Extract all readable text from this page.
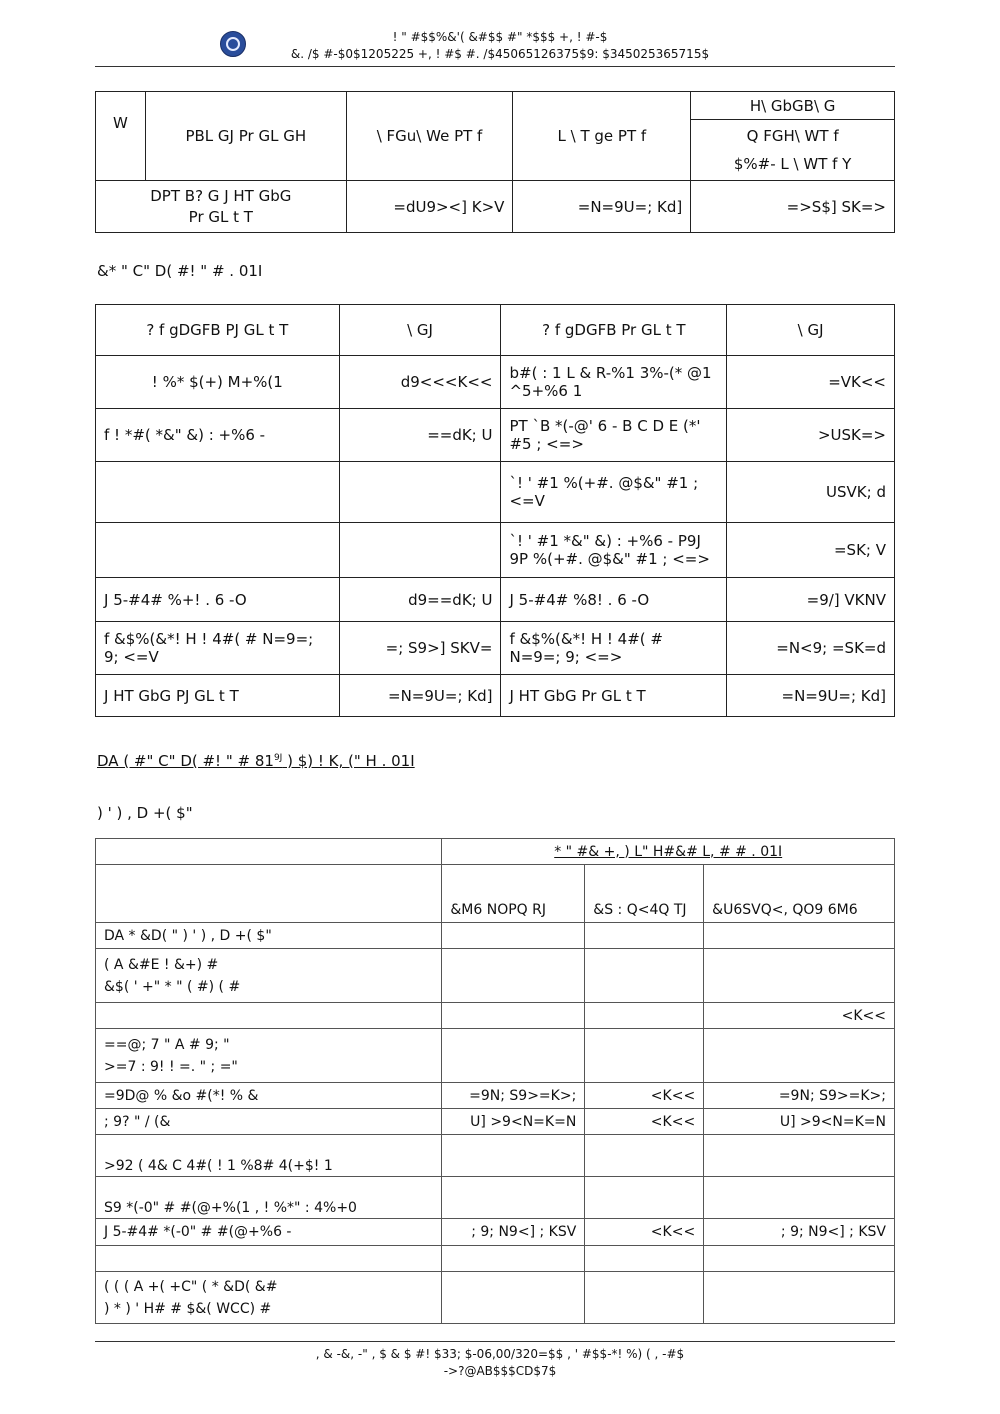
! " #$$%&'( &#$$ #" *$$$ +, ! #-$
&. /$ #-$0$1205225 +, ! #$ #. /$45065126375$9: $345025365715$
W	PBL GJ Pr GL GH	\ FGu\ We PT f	L \ T ge PT f	H\ GbGB\ G

				Q FGH\ WT f
$%#- L \ WT f Y

DPT B? G J HT GbG
Pr GL t T		=dU9><] K>V	=N=9U=; Kd]	=>S$] SK=>
&* " C" D( #! " # . 01I
? f gDGFB PJ GL t T	\ GJ	? f gDGFB Pr GL t T	\ GJ
! %* $(+) M+%(1	d9<<<K<<	b#( : 1 L & R-%1 3%-(* @1 ^5+%6 1	=VK<<
f ! *#( *&" &) : +%6 -	==dK; U	PT `B *(-@' 6 - B C D E (*' #5 ; <=>	>USK=>
		`! ' #1 %(+#. @$&" #1 ; <=V	USVK; d
		`! ' #1 *&" &) : +%6 - P9J 9P %(+#. @$&" #1 ; <=>	=SK; V
J 5-#4# %+! . 6 -O	d9==dK; U	J 5-#4# %8! . 6 -O	=9/] VKNV
f &$%(&*! H ! 4#( # N=9=; 9; <=V	=; S9>] SKV=	f &$%(&*! H ! 4#( # N=9=; 9; <=>	=N<9; =SK=d
J HT GbG PJ GL t T	=N=9U=; Kd]	J HT GbG Pr GL t T	=N=9U=; Kd]
DA ( #" C" D( #! " # $81^{9J}$ ) $) ! K, (" H . 01I
) ' ) , D +( $"
	* " #& +, ) L" H#&# L, # # . 01I		
	&M6 NOPQ RJ	&S : Q<4Q TJ	&U6SVQ<, QO9 6M6

DA * &D( " ) ' ) , D +( $"			

( A &#E ! &+) #
&$( ' +" * " ( #) ( #			

			<K<<

==@; 7 " A # 9; "
>=7 : 9! ! =. " ; ="			

=9D@ % &o #(*! % &	=9N; S9>=K>;	<K<<	=9N; S9>=K>;

; 9? " / (&	U] >9<N=K=N	<K<<	U] >9<N=K=N

>92 ( 4& C 4#( ! 1 %8# 4(+$! 1			

S9 *(-0" # #(@+%(1 , ! %*" : 4%+0			

J 5-#4# *(-0" # #(@+%6 -	; 9; N9<] ; KSV	<K<<	; 9; N9<] ; KSV

( ( ( A +( +C" ( * &D( &#
) * ) ' H# # $&( WCC) #			

, & -&, -" , $ & $ #! $33; $-06,00/320=$$ , ' #$$-*! %) ( , -#$
->?@AB$$$CD$7$
